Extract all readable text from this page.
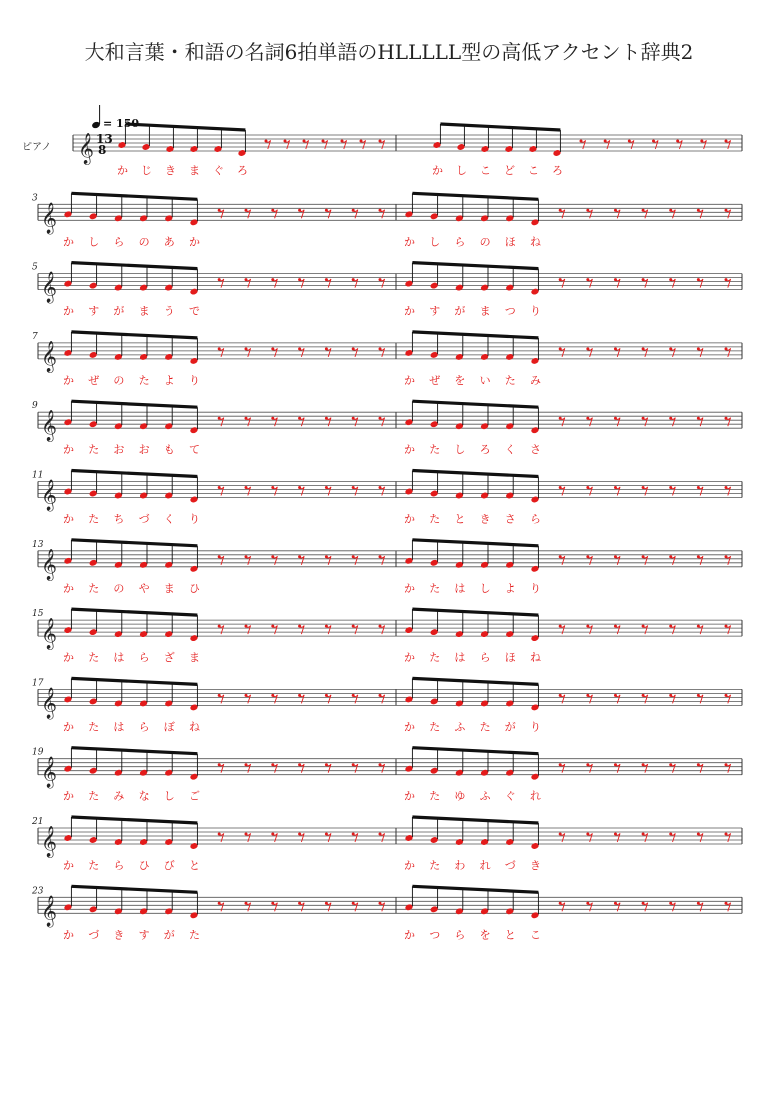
大和言葉・和語の名詞6拍単語のHLLLLL型の高低アクセント辞典2
𝄞
ピアノ
13
8
= 150
か じ き ま ぐ ろ	か し こ ど こ ろ
𝄞
3
か し ら の あ か	か し ら の ほ ね
𝄞
5
か す が ま う で	か す が ま つ り
𝄞
7
か ぜ の た よ り	か ぜ を い た み
𝄞
9
か た お お も て	か た し ろ く さ
𝄞
11
か た ち づ く り	か た と き さ ら
𝄞
13
か た の や ま ひ	か た は し よ り
𝄞
15
か た は ら ざ ま	か た は ら ほ ね
𝄞
17
か た は ら ぼ ね	か た ふ た が り
𝄞
19
か た み な し ご	か た ゆ ふ ぐ れ
𝄞
21
か た ら ひ び と	か た わ れ づ き
𝄞
23
か づ き す が た	か つ ら を と こ
